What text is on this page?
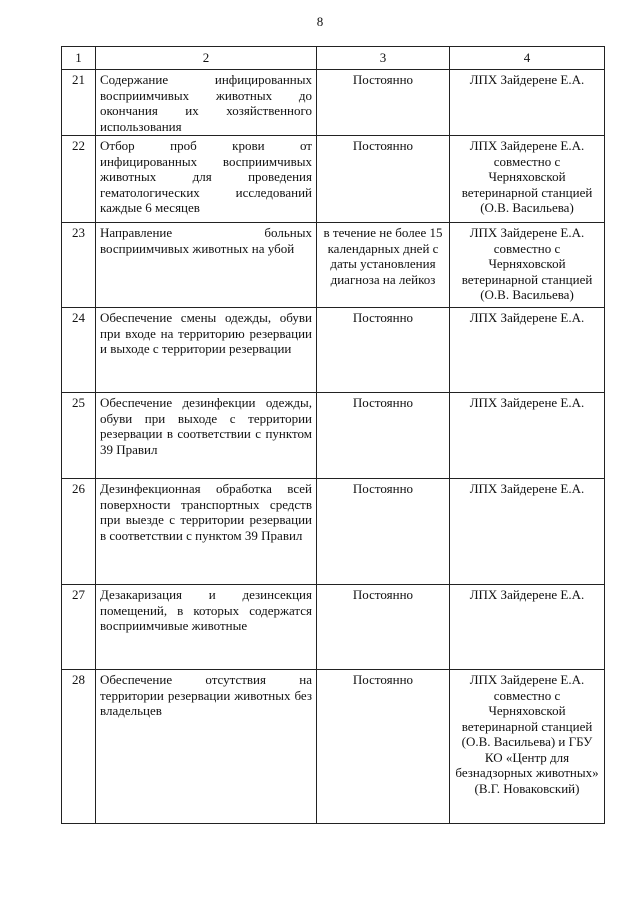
8
1	2	3	4
21	Содержание инфицированных восприимчивых животных до окончания их хозяйственного использования	Постоянно	ЛПХ Зайдерене Е.А.
22	Отбор проб крови от инфицированных восприимчивых животных для проведения гематологических исследований каждые 6 месяцев	Постоянно	ЛПХ Зайдерене Е.А. совместно с Черняховской ветеринарной станцией (О.В. Васильева)
23	Направление больных восприимчивых животных на убой	в течение не более 15 календарных дней с даты установления диагноза на лейкоз	ЛПХ Зайдерене Е.А. совместно с Черняховской ветеринарной станцией (О.В. Васильева)
24	Обеспечение смены одежды, обуви при входе на территорию резервации и выходе с территории резервации	Постоянно	ЛПХ Зайдерене Е.А.
25	Обеспечение дезинфекции одежды, обуви при выходе с территории резервации в соответствии с пунктом 39 Правил	Постоянно	ЛПХ Зайдерене Е.А.
26	Дезинфекционная обработка всей поверхности транспортных средств при выезде с территории резервации в соответствии с пунктом 39 Правил	Постоянно	ЛПХ Зайдерене Е.А.
27	Дезакаризация и дезинсекция помещений, в которых содержатся восприимчивые животные	Постоянно	ЛПХ Зайдерене Е.А.
28	Обеспечение отсутствия на территории резервации животных без владельцев	Постоянно	ЛПХ Зайдерене Е.А. совместно с Черняховской ветеринарной станцией (О.В. Васильева) и ГБУ КО «Центр для безнадзорных животных» (В.Г. Новаковский)
